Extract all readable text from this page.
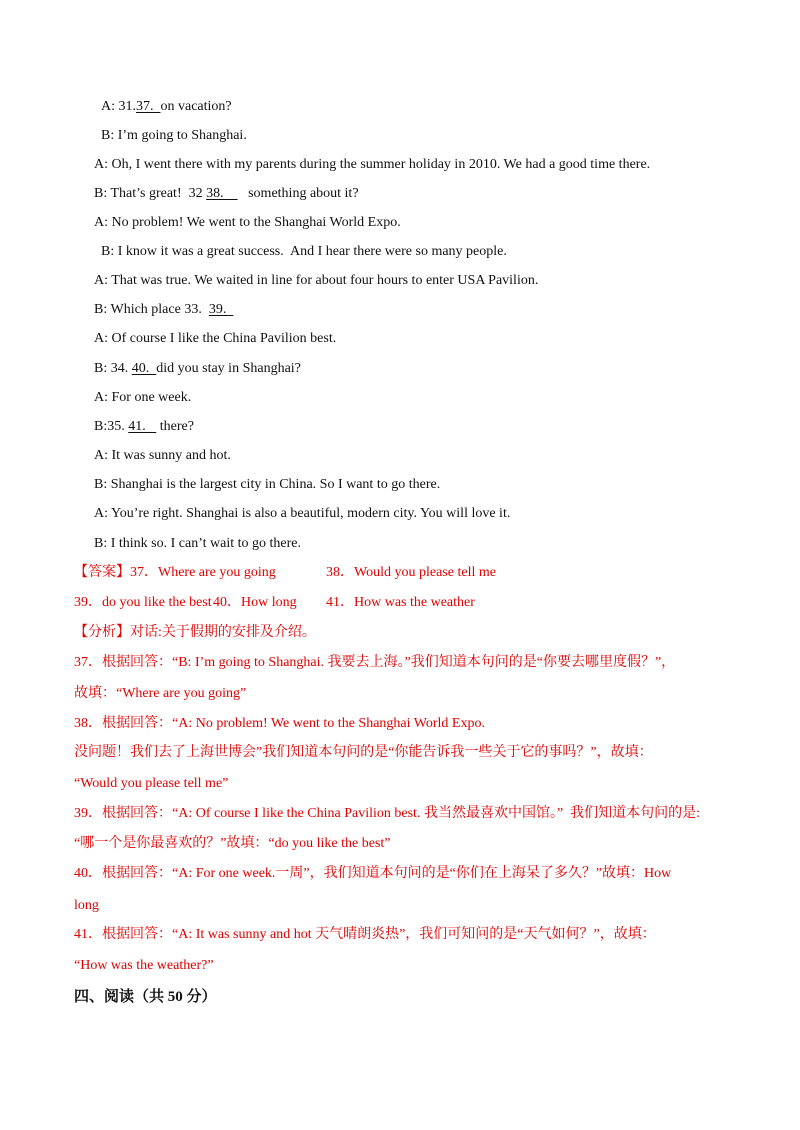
A: 31.37.  on vacation?
B: I’m going to Shanghai.
A: Oh, I went there with my parents during the summer holiday in 2010. We had a good time there.
B: That’s great!  32 38.       something about it?
A: No problem! We went to the Shanghai World Expo.
B: I know it was a great success.  And I hear there were so many people.
A: That was true. We waited in line for about four hours to enter USA Pavilion.
B: Which place 33.  39.
A: Of course I like the China Pavilion best.
B: 34. 40.  did you stay in Shanghai?
A: For one week.
B:35. 41.    there?
A: It was sunny and hot.
B: Shanghai is the largest city in China. So I want to go there.
A: You’re right. Shanghai is also a beautiful, modern city. You will love it.
B: I think so. I can’t wait to go there.
【答案】37．Where are you going	38．Would you please tell me
39．do you like the best 40．How long 41．How was the weather
【分析】对话:关于假期的安排及介绍。
37．根据回答：“B: I’m going to Shanghai. 我要去上海。”我们知道本句问的是“你要去哪里度假？”，
故填：“Where are you going”
38．根据回答：“A: No problem! We went to the Shanghai World Expo.
没问题！我们去了上海世博会”我们知道本句问的是“你能告诉我一些关于它的事吗？”，故填：
“Would you please tell me”
39．根据回答：“A: Of course I like the China Pavilion best. 我当然最喜欢中国馆。”  我们知道本句问的是:
“哪一个是你最喜欢的？”故填：“do you like the best”
40．根据回答：“A: For one week.一周”，我们知道本句问的是“你们在上海呆了多久？”故填：How
long
41．根据回答：“A: It was sunny and hot 天气晴朗炎热”，我们可知问的是“天气如何？”，故填：
“How was the weather?”
四、阅读（共 50 分）
